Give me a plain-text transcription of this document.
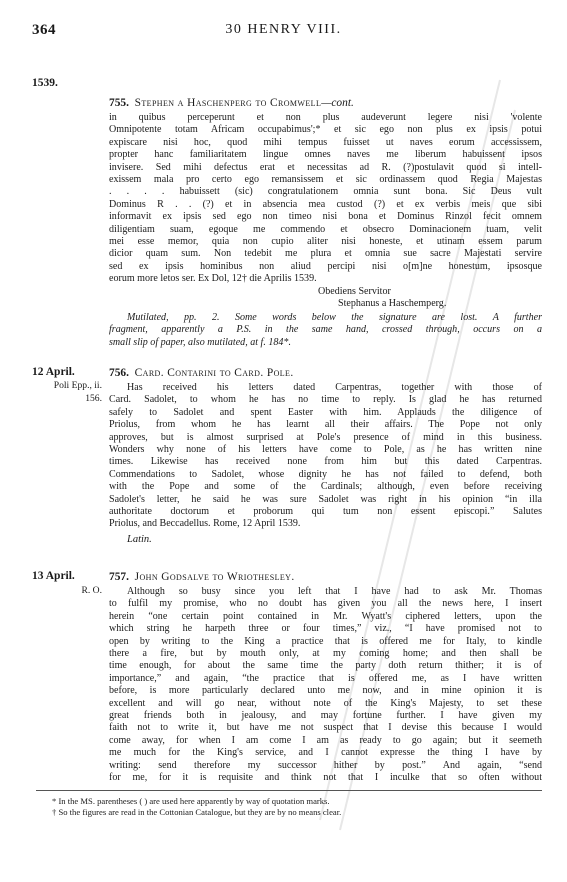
364	30 HENRY VIII.
1539.
755. Stephen a Haschenperg to Cromwell—cont.
in quibus perceperunt et non plus audeverunt legere nisi 'volente
Omnipotente totam Africam occupabimus';* et sic ego non plus ex ipsis potui
expiscare nisi hoc, quod mihi tempus fuisset ut naves eorum accessissem,
propter hanc familiaritatem lingue omnes naves me liberum habuissent ipsos
invisere. Sed mihi defectus erat et necessitas ad R. (?)postulavit quod si intell-
exissem mala pro certo ego remansissem et sic ordinassem quod Regia Majestas
. . . . habuissett (sic) congratulationem omnia sunt bona. Sic Deus vult
Dominus R . . (?) et in absencia mea custod (?) et ex verbis meis que sibi
informavit ex ipsis sed ego non timeo nisi bona et Dominus Rinzol fecit omnem
diligentiam suam, egoque me commendo et obsecro Dominacionem tuam, velit
mei esse memor, quia non cupio aliter nisi honeste, et utinam essem parum
dicior quam sum. Non tedebit me plura et omnia sue sacre Majestati servire
sed ex ipsis hominibus non aliud percipi nisi o[m]ne honestum, ipsosque
eorum more letos ser. Ex Dol, 12† die Aprilis 1539.
Obediens Servitor
Stephanus a Haschemperg.
Mutilated, pp. 2. Some words below the signature are lost. A further
fragment, apparently a P.S. in the same hand, crossed through, occurs on a
small slip of paper, also mutilated, at f. 184*.
12 April.
Poli Epp., ii.
156.
756. Card. Contarini to Card. Pole.
Has received his letters dated Carpentras, together with those of
Card. Sadolet, to whom he has no time to reply. Is glad he has returned
safely to Sadolet and spent Easter with him. Applauds the diligence of
Priolus, from whom he has learnt all their affairs. The Pope not only
approves, but is almost surprised at Pole's presence of mind in this business.
Wonders why none of his letters have come to Pole, as he has written nine
times. Likewise has received none from him but this dated Carpentras.
Commendations to Sadolet, whose dignity he has not failed to defend, both
with the Pope and some of the Cardinals; although, even before receiving
Sadolet's letter, he said he was sure Sadolet was right in his opinion “in illa
authoritate doctorum et proborum qui tum non essent episcopi.” Salutes
Priolus, and Beccadellus. Rome, 12 April 1539.
Latin.
13 April.
R. O.
757. John Godsalve to Wriothesley.
Although so busy since you left that I have had to ask Mr. Thomas
to fulfil my promise, who no doubt has given you all the news here, I insert
herein “one certain point contained in Mr. Wyatt's ciphered letters, upon the
which string he harpeth three or four times,” viz., “I have promised not to
open by writing to the King a practice that is offered me for Italy, to kindle
there a fire, but by mouth only, at my coming home; and then shall be
time enough, for about the same time the party doth return thither; it is of
importance,” and again, “the practice that is offered me, as I have written
before, is more particularly declared unto me now, and in mine opinion it is
excellent and will go near, without note of the King's Majesty, to set these
great friends both in jealousy, and may fortune further. I have given my
faith not to write it, but have me not suspect that I devise this because I would
come away, for when I am come I am as ready to go again; but it seemeth
me much for the King's service, and I cannot expresse the thing I have by
writing: send therefore my successor hither by post.” And again, “send
for me, for it is requisite and think not that I inculke that so often without
* In the MS. parentheses ( ) are used here apparently by way of quotation marks.
† So the figures are read in the Cottonian Catalogue, but they are by no means clear.
